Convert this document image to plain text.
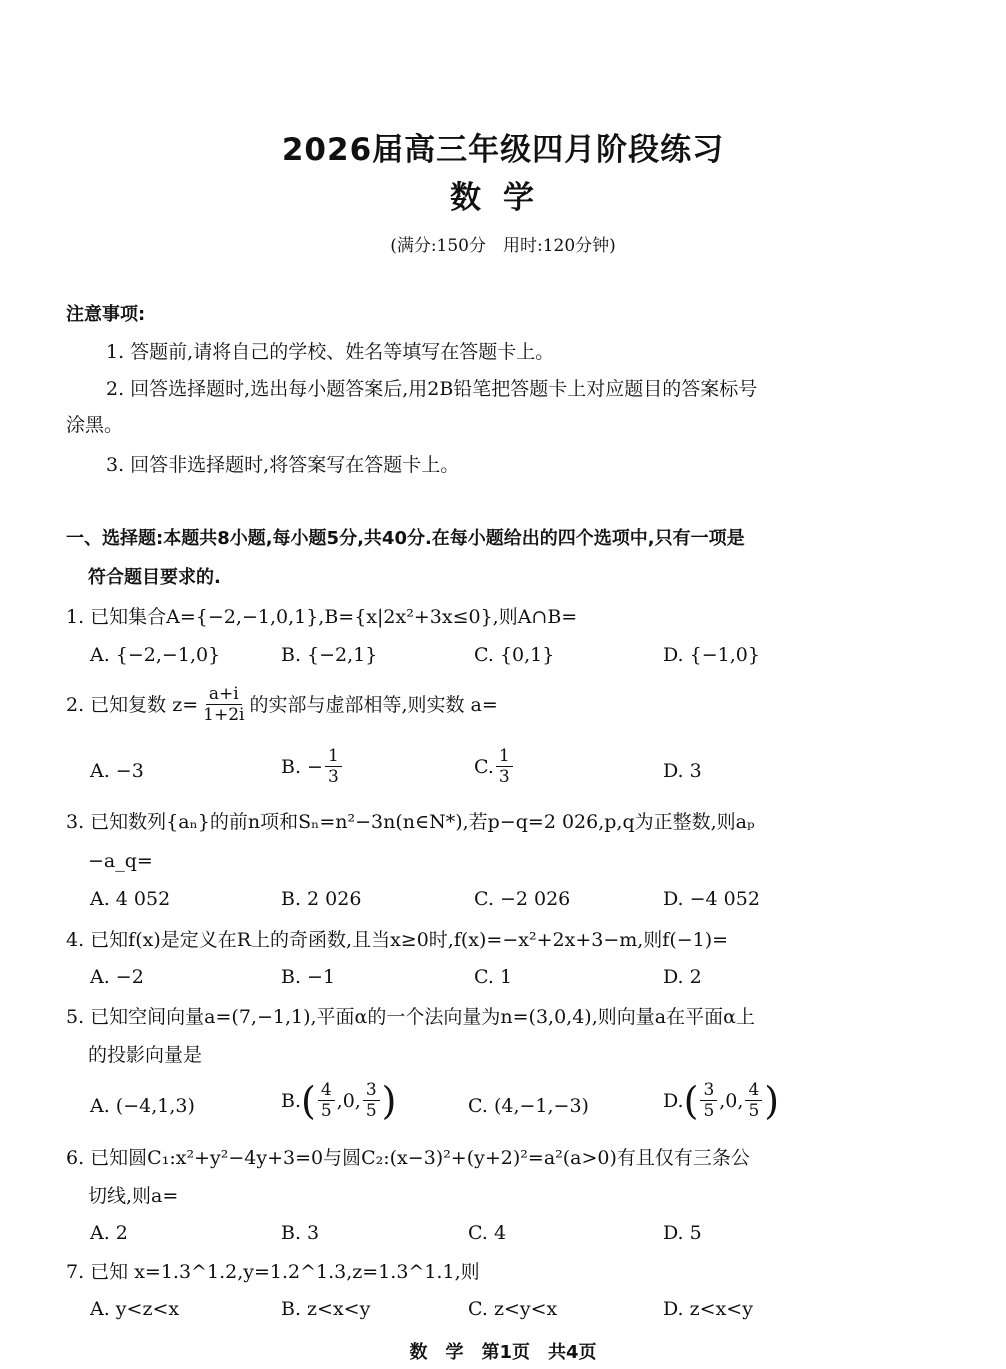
2026届高三年级四月阶段练习
数学
(满分:150分　用时:120分钟)
注意事项:
1. 答题前,请将自己的学校、姓名等填写在答题卡上。
2. 回答选择题时,选出每小题答案后,用2B铅笔把答题卡上对应题目的答案标号
涂黑。
3. 回答非选择题时,将答案写在答题卡上。
一、选择题:本题共8小题,每小题5分,共40分.在每小题给出的四个选项中,只有一项是
符合题目要求的.
1. 已知集合A={−2,−1,0,1},B={x|2x²+3x≤0},则A∩B=
A. {−2,−1,0}	B. {−2,1}	C. {0,1}	D. {−1,0}
2. 已知复数 $z= \frac{a+i}{1+2i}$ 的实部与虚部相等,则实数 a=
A. −3	B. − $\frac{1}{3}$	C. $\frac{1}{3}$	D. 3
3. 已知数列{aₙ}的前n项和Sₙ=n²−3n(n∈N*),若p−q=2 026,p,q为正整数,则aₚ
−a_q=
A. 4 052	B. 2 026	C. −2 026	D. −4 052
4. 已知f(x)是定义在R上的奇函数,且当x≥0时,f(x)=−x²+2x+3−m,则f(−1)=
A. −2	B. −1	C. 1	D. 2
5. 已知空间向量a=(7,−1,1),平面α的一个法向量为n=(3,0,4),则向量a在平面α上
的投影向量是
A. (−4,1,3)	B. ( $\frac{4}{5} ,0$, $\frac{3}{5}$ )	C. (4,−1,−3)	D. ( $\frac{3}{5} ,0$, $\frac{4}{5}$ )
6. 已知圆C₁:x²+y²−4y+3=0与圆C₂:(x−3)²+(y+2)²=a²(a>0)有且仅有三条公
切线,则a=
A. 2	B. 3	C. 4	D. 5
7. 已知 x=1.3^1.2,y=1.2^1.3,z=1.3^1.1,则
A. y<z<x	B. z<x<y	C. z<y<x	D. z<x<y
数　学　第1页　共4页
